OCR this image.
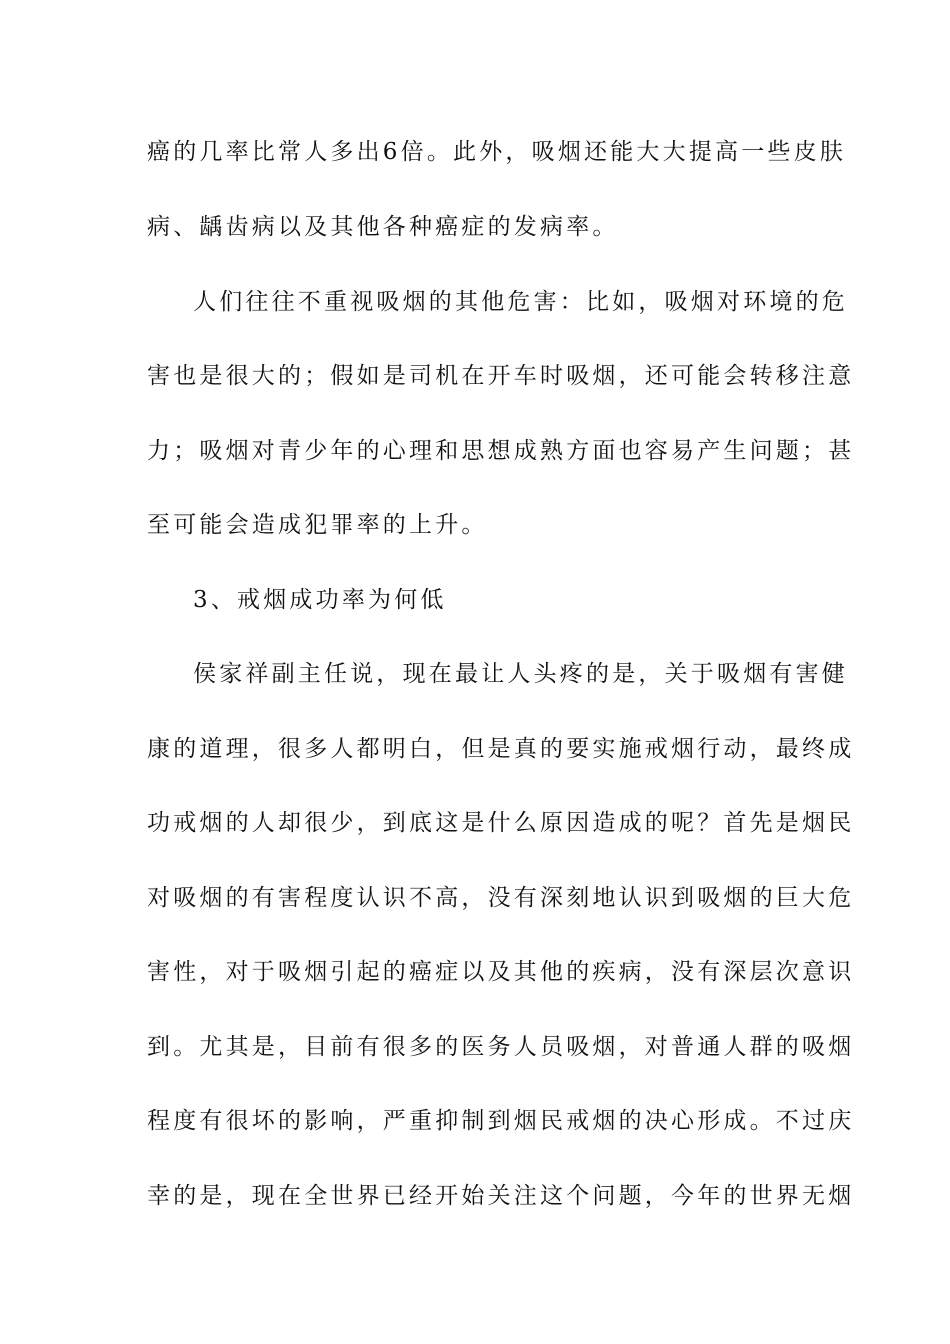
癌的几率比常人多出6倍。此外，吸烟还能大大提高一些皮肤
病、龋齿病以及其他各种癌症的发病率。
人们往往不重视吸烟的其他危害：比如，吸烟对环境的危
害也是很大的；假如是司机在开车时吸烟，还可能会转移注意
力；吸烟对青少年的心理和思想成熟方面也容易产生问题；甚
至可能会造成犯罪率的上升。
3、戒烟成功率为何低
侯家祥副主任说，现在最让人头疼的是，关于吸烟有害健
康的道理，很多人都明白，但是真的要实施戒烟行动，最终成
功戒烟的人却很少，到底这是什么原因造成的呢？首先是烟民
对吸烟的有害程度认识不高，没有深刻地认识到吸烟的巨大危
害性，对于吸烟引起的癌症以及其他的疾病，没有深层次意识
到。尤其是，目前有很多的医务人员吸烟，对普通人群的吸烟
程度有很坏的影响，严重抑制到烟民戒烟的决心形成。不过庆
幸的是，现在全世界已经开始关注这个问题，今年的世界无烟
